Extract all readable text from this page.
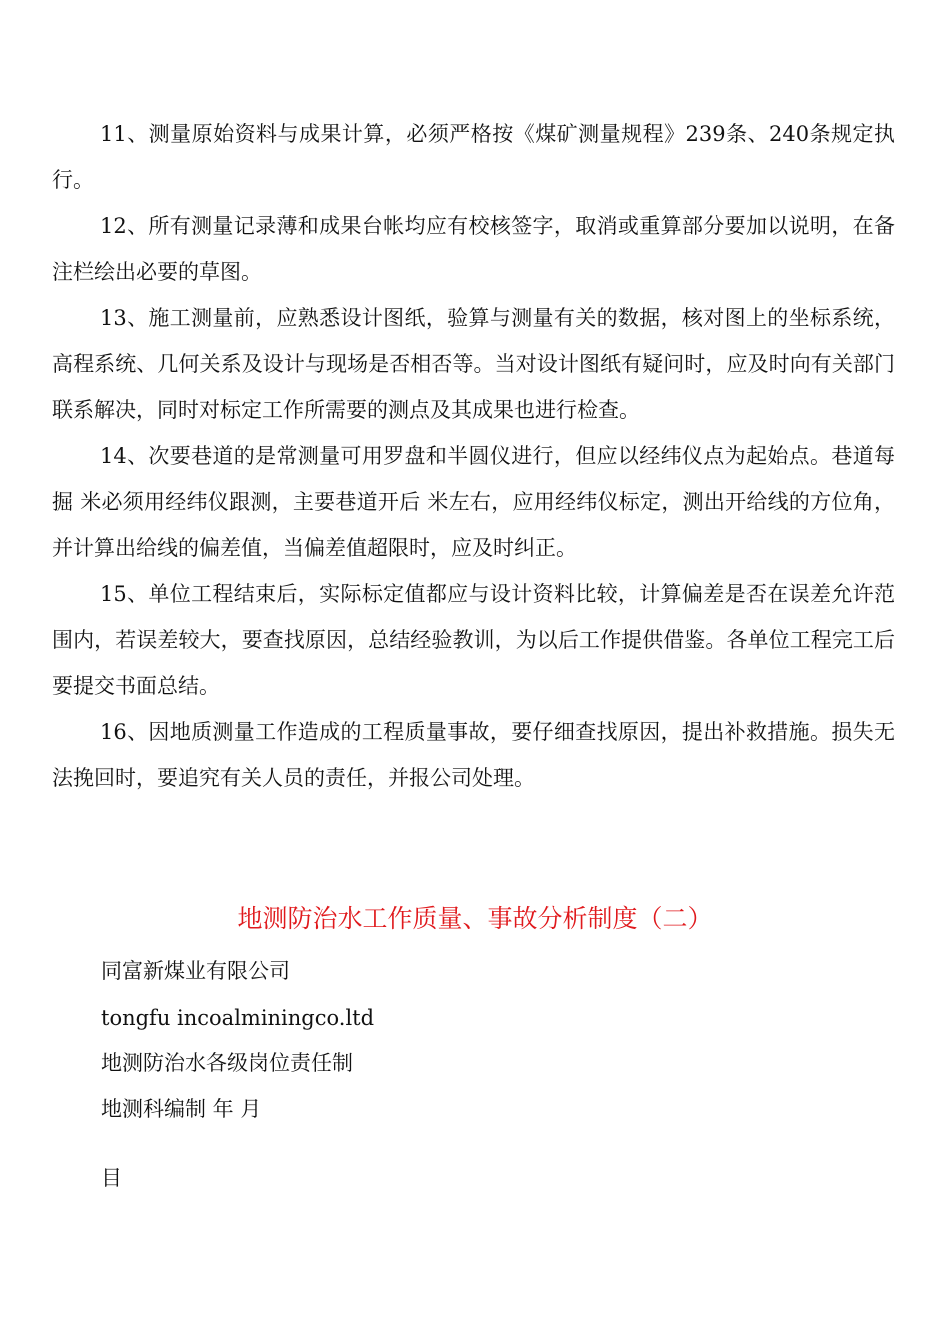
11、测量原始资料与成果计算，必须严格按《煤矿测量规程》239条、240条规定执行。

12、所有测量记录薄和成果台帐均应有校核签字，取消或重算部分要加以说明，在备注栏绘出必要的草图。

13、施工测量前，应熟悉设计图纸，验算与测量有关的数据，核对图上的坐标系统，高程系统、几何关系及设计与现场是否相否等。当对设计图纸有疑问时，应及时向有关部门联系解决，同时对标定工作所需要的测点及其成果也进行检查。

14、次要巷道的是常测量可用罗盘和半圆仪进行，但应以经纬仪点为起始点。巷道每掘 米必须用经纬仪跟测，主要巷道开后 米左右，应用经纬仪标定，测出开给线的方位角，并计算出给线的偏差值，当偏差值超限时，应及时纠正。

15、单位工程结束后，实际标定值都应与设计资料比较，计算偏差是否在误差允许范围内，若误差较大，要查找原因，总结经验教训，为以后工作提供借鉴。各单位工程完工后要提交书面总结。

16、因地质测量工作造成的工程质量事故，要仔细查找原因，提出补救措施。损失无法挽回时，要追究有关人员的责任，并报公司处理。

地测防治水工作质量、事故分析制度（二）

同富新煤业有限公司

tongfu incoalminingco.ltd

地测防治水各级岗位责任制

地测科编制 年 月

目
